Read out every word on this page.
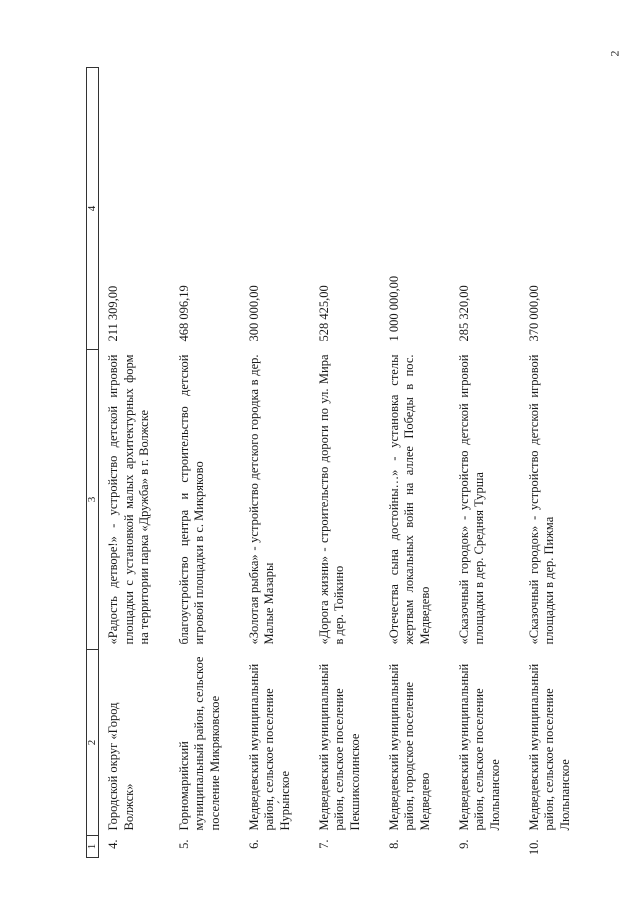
2
1	2	3	4
4.	Городской округ «Город Волжск»	«Радость детворе!» - устройство детской игровой площадки с установкой малых архитектурных форм на территории парка «Дружба» в г. Волжске	211 309,00
5.	Горномарийский муниципальный район, сельское поселение Микряковское	благоустройство центра и строительство детской игровой площадки в с. Микряково	468 096,19
6.	Медведевский муниципальный район, сельское поселение Нуры́нское	«Золотая рыбка» - устройство детского городка в дер. Малые Мазары	300 000,00
7.	Медведевский муниципальный район, сельское поселение Пекшиксолинское	«Дорога жизни» - строительство дороги по ул. Мира в дер. Тойкино	528 425,00
8.	Медведевский муниципальный район, городское поселение Медведево	«Отечества сына достойны…» - установка стелы жертвам локальных войн на аллее Победы в пос. Медведево	1 000 000,00
9.	Медведевский муниципальный район, сельское поселение Люльпанское	«Сказочный городок» - устройство детской игровой площадки в дер. Средняя Турша	285 320,00
10.	Медведевский муниципальный район, сельское поселение Люльпанское	«Сказочный городок» - устройство детской игровой площадки в дер. Пижма	370 000,00
